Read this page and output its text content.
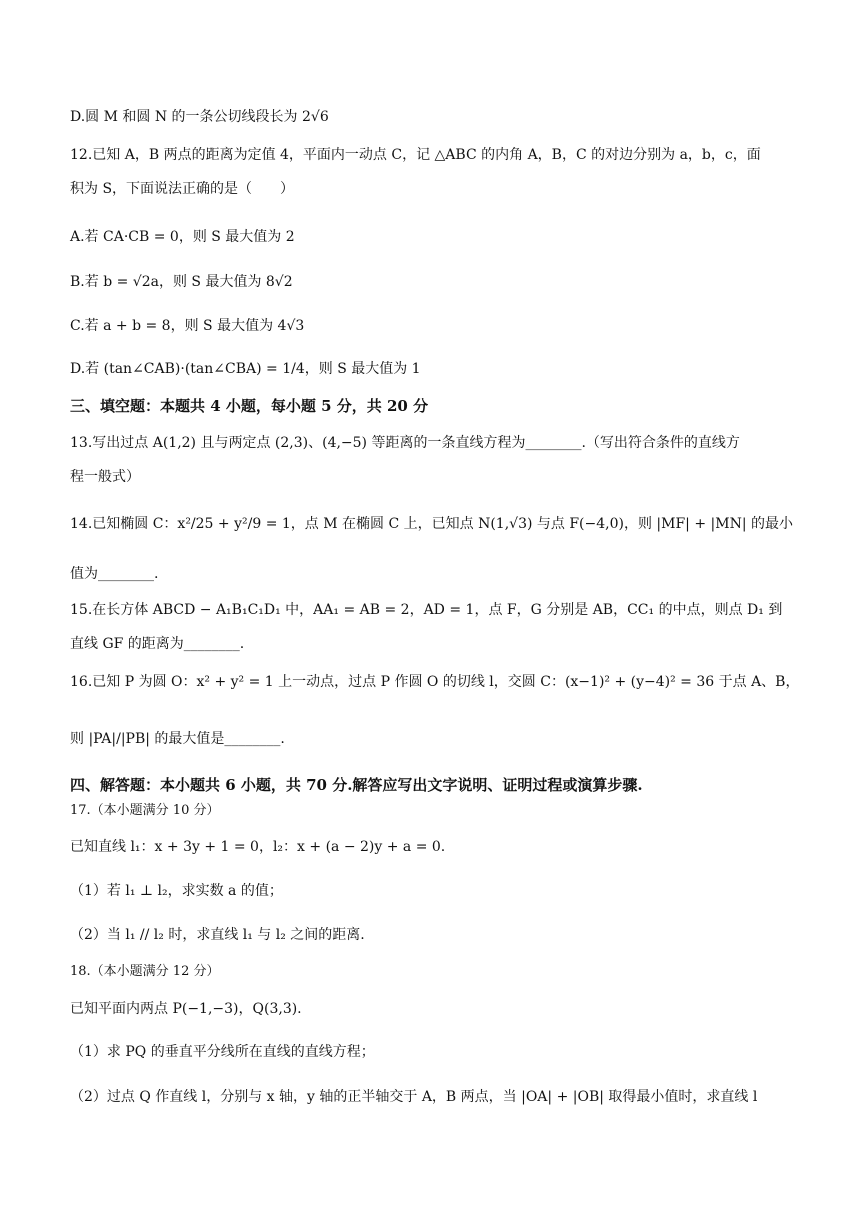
D.圆 M 和圆 N 的一条公切线段长为 2√6
12.已知 A，B 两点的距离为定值 4，平面内一动点 C，记 △ABC 的内角 A，B，C 的对边分别为 a，b，c，面
积为 S，下面说法正确的是（　　）
A.若 CA·CB = 0，则 S 最大值为 2
B.若 b = √2a，则 S 最大值为 8√2
C.若 a + b = 8，则 S 最大值为 4√3
D.若 (tan∠CAB)·(tan∠CBA) = 1/4，则 S 最大值为 1
三、填空题：本题共 4 小题，每小题 5 分，共 20 分
13.写出过点 A(1,2) 且与两定点 (2,3)、(4,−5) 等距离的一条直线方程为________.（写出符合条件的直线方
程一般式）
14.已知椭圆 C：x²/25 + y²/9 = 1，点 M 在椭圆 C 上，已知点 N(1,√3) 与点 F(−4,0)，则 |MF| + |MN| 的最小
值为________.
15.在长方体 ABCD − A₁B₁C₁D₁ 中，AA₁ = AB = 2，AD = 1，点 F，G 分别是 AB，CC₁ 的中点，则点 D₁ 到
直线 GF 的距离为________.
16.已知 P 为圆 O：x² + y² = 1 上一动点，过点 P 作圆 O 的切线 l，交圆 C：(x−1)² + (y−4)² = 36 于点 A、B，
则 |PA|/|PB| 的最大值是________.
四、解答题：本小题共 6 小题，共 70 分.解答应写出文字说明、证明过程或演算步骤.
17.（本小题满分 10 分）
已知直线 l₁：x + 3y + 1 = 0，l₂：x + (a − 2)y + a = 0.
（1）若 l₁ ⊥ l₂，求实数 a 的值；
（2）当 l₁ // l₂ 时，求直线 l₁ 与 l₂ 之间的距离.
18.（本小题满分 12 分）
已知平面内两点 P(−1,−3)，Q(3,3).
（1）求 PQ 的垂直平分线所在直线的直线方程；
（2）过点 Q 作直线 l，分别与 x 轴，y 轴的正半轴交于 A，B 两点，当 |OA| + |OB| 取得最小值时，求直线 l
